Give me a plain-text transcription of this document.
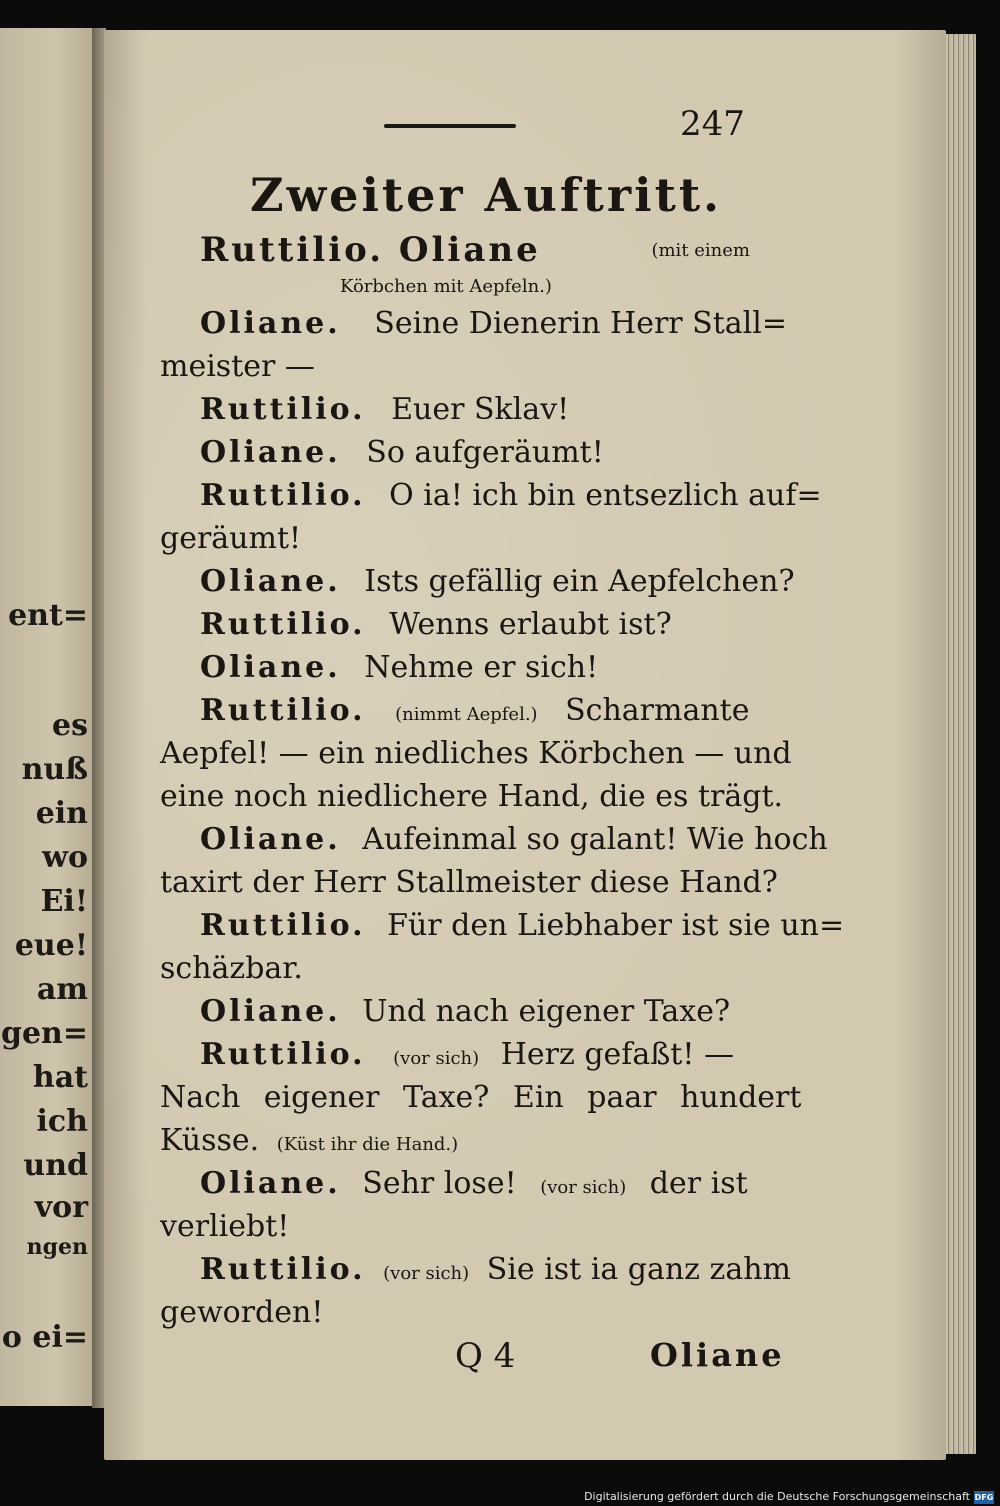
ent=
es
nuß
ein
wo
Ei!
eue!
am
gen=
hat
ich
und
vor
ngen
o ei=
247
Zweiter Auftritt.
Ruttilio. Oliane	(mit einem
Körbchen mit Aepfeln.)
Oliane. Seine Dienerin Herr Stall=
meister —
Ruttilio. Euer Sklav!
Oliane. So aufgeräumt!
Ruttilio. O ia! ich bin entsezlich auf=
geräumt!
Oliane. Ists gefällig ein Aepfelchen?
Ruttilio. Wenns erlaubt ist?
Oliane. Nehme er sich!
Ruttilio. (nimmt Aepfel.) Scharmante
Aepfel! — ein niedliches Körbchen — und
eine noch niedlichere Hand, die es trägt.
Oliane. Aufeinmal so galant! Wie hoch
taxirt der Herr Stallmeister diese Hand?
Ruttilio. Für den Liebhaber ist sie un=
schäzbar.
Oliane. Und nach eigener Taxe?
Ruttilio. (vor sich) Herz gefaßt! —
Nach eigener Taxe? Ein paar hundert
Küsse. (Küst ihr die Hand.)
Oliane. Sehr lose! (vor sich) der ist
verliebt!
Ruttilio. (vor sich) Sie ist ia ganz zahm
geworden!
Q 4	Oliane
Digitalisierung gefördert durch die Deutsche Forschungsgemeinschaft DFG
